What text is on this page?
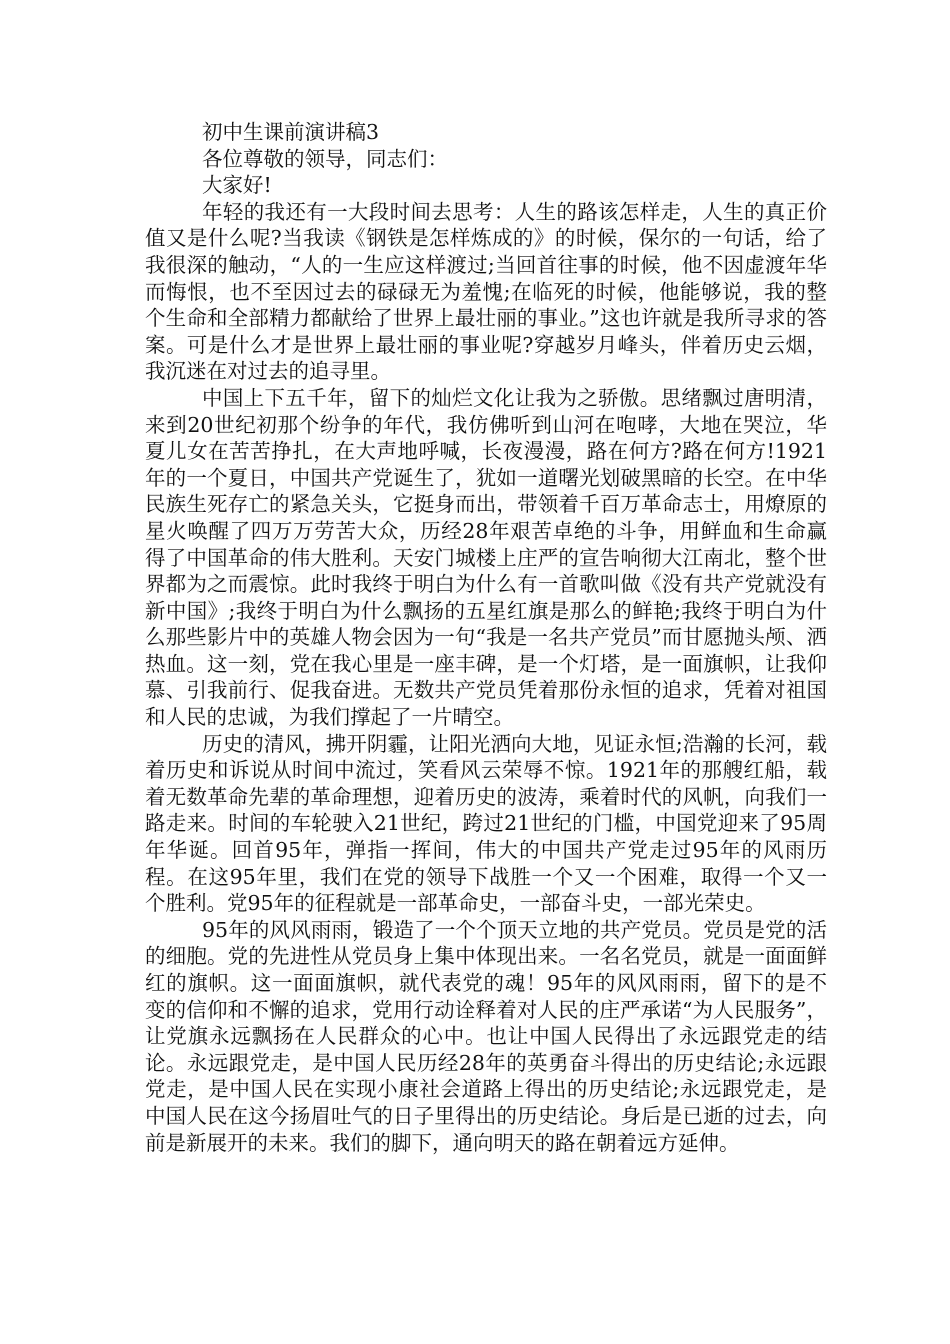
初中生课前演讲稿3
各位尊敬的领导，同志们：
大家好!

年轻的我还有一大段时间去思考：人生的路该怎样走，人生的真正价值又是什么呢?当我读《钢铁是怎样炼成的》的时候，保尔的一句话，给了我很深的触动，“人的一生应这样渡过;当回首往事的时候，他不因虚渡年华而悔恨，也不至因过去的碌碌无为羞愧;在临死的时候，他能够说，我的整个生命和全部精力都献给了世界上最壮丽的事业。”这也许就是我所寻求的答案。可是什么才是世界上最壮丽的事业呢?穿越岁月峰头，伴着历史云烟，我沉迷在对过去的追寻里。

中国上下五千年，留下的灿烂文化让我为之骄傲。思绪飘过唐明清，来到20世纪初那个纷争的年代，我仿佛听到山河在咆哮，大地在哭泣，华夏儿女在苦苦挣扎，在大声地呼喊，长夜漫漫，路在何方?路在何方!1921年的一个夏日，中国共产党诞生了，犹如一道曙光划破黑暗的长空。在中华民族生死存亡的紧急关头，它挺身而出，带领着千百万革命志士，用燎原的星火唤醒了四万万劳苦大众，历经28年艰苦卓绝的斗争，用鲜血和生命赢得了中国革命的伟大胜利。天安门城楼上庄严的宣告响彻大江南北，整个世界都为之而震惊。此时我终于明白为什么有一首歌叫做《没有共产党就没有新中国》;我终于明白为什么飘扬的五星红旗是那么的鲜艳;我终于明白为什么那些影片中的英雄人物会因为一句“我是一名共产党员”而甘愿抛头颅、洒热血。这一刻，党在我心里是一座丰碑，是一个灯塔，是一面旗帜，让我仰慕、引我前行、促我奋进。无数共产党员凭着那份永恒的追求，凭着对祖国和人民的忠诚，为我们撑起了一片晴空。

历史的清风，拂开阴霾，让阳光洒向大地，见证永恒;浩瀚的长河，载着历史和诉说从时间中流过，笑看风云荣辱不惊。1921年的那艘红船，载着无数革命先辈的革命理想，迎着历史的波涛，乘着时代的风帆，向我们一路走来。时间的车轮驶入21世纪，跨过21世纪的门槛，中国党迎来了95周年华诞。回首95年，弹指一挥间，伟大的中国共产党走过95年的风雨历程。在这95年里，我们在党的领导下战胜一个又一个困难，取得一个又一个胜利。党95年的征程就是一部革命史，一部奋斗史，一部光荣史。

95年的风风雨雨，锻造了一个个顶天立地的共产党员。党员是党的活的细胞。党的先进性从党员身上集中体现出来。一名名党员，就是一面面鲜红的旗帜。这一面面旗帜，就代表党的魂！95年的风风雨雨，留下的是不变的信仰和不懈的追求，党用行动诠释着对人民的庄严承诺“为人民服务”，让党旗永远飘扬在人民群众的心中。也让中国人民得出了永远跟党走的结论。永远跟党走，是中国人民历经28年的英勇奋斗得出的历史结论;永远跟党走，是中国人民在实现小康社会道路上得出的历史结论;永远跟党走，是中国人民在这今扬眉吐气的日子里得出的历史结论。身后是已逝的过去，向前是新展开的未来。我们的脚下，通向明天的路在朝着远方延伸。
